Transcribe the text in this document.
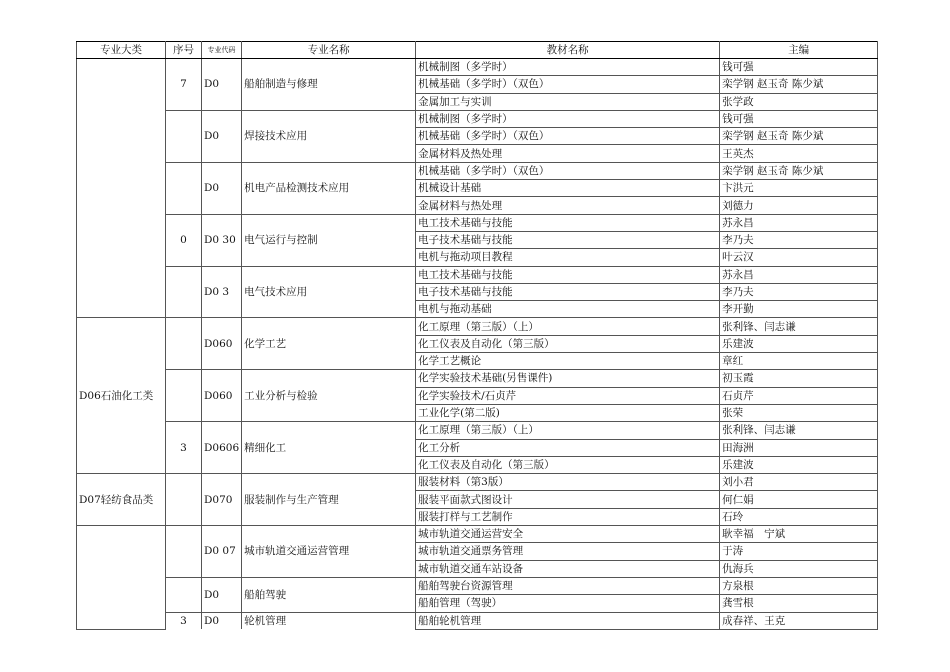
专业大类	序号	专业代码	专业名称	教材名称	主编
	7	D0	船舶制造与修理	机械制图（多学时）	钱可强
				机械基础（多学时）（双色）	栾学钢 赵玉奇 陈少斌
				金属加工与实训	张学政
		D0	焊接技术应用	机械制图（多学时）	钱可强
				机械基础（多学时）（双色）	栾学钢 赵玉奇 陈少斌
				金属材料及热处理	王英杰
		D0	机电产品检测技术应用	机械基础（多学时）（双色）	栾学钢 赵玉奇 陈少斌
				机械设计基础	卞洪元
				金属材料与热处理	刘德力
	0	D0 30	电气运行与控制	电工技术基础与技能	苏永昌
				电子技术基础与技能	李乃夫
				电机与拖动项目教程	叶云汉
		D0 3	电气技术应用	电工技术基础与技能	苏永昌
				电子技术基础与技能	李乃夫
				电机与拖动基础	李开勤
D06石油化工类		D060	化学工艺	化工原理（第三版）（上）	张利锋、闫志谦
				化工仪表及自动化（第三版）	乐建波
				化学工艺概论	章红
		D060	工业分析与检验	化学实验技术基础(另售课件)	初玉霞
				化学实验技术/石贞芹	石贞芹
				工业化学(第二版)	张荣
	3	D0606	精细化工	化工原理（第三版）（上）	张利锋、闫志谦
				化工分析	田海洲
				化工仪表及自动化（第三版）	乐建波
D07轻纺食品类		D070	服装制作与生产管理	服装材料（第3版）	刘小君
				服装平面款式图设计	何仁娟
				服装打样与工艺制作	石玲
		D0 07	城市轨道交通运营管理	城市轨道交通运营安全	耿幸福　宁斌
				城市轨道交通票务管理	于涛
				城市轨道交通车站设备	仇海兵
		D0	船舶驾驶	船舶驾驶台资源管理	方泉根
				船舶管理（驾驶）	龚雪根
	3	D0	轮机管理	船舶轮机管理	成春祥、王克
